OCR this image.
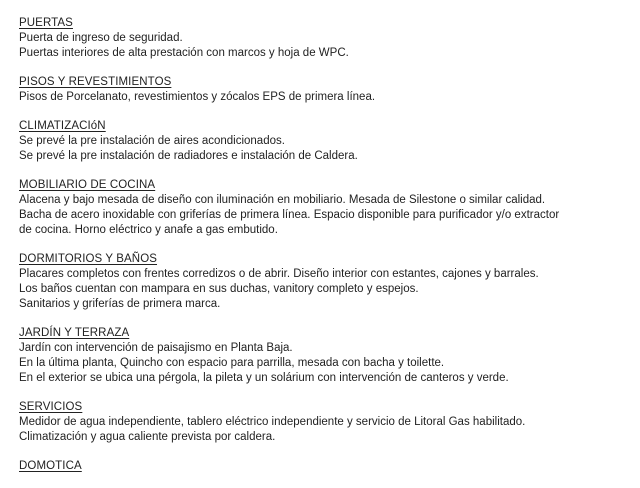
PUERTAS
Puerta de ingreso de seguridad.
Puertas interiores de alta prestación con marcos y hoja de WPC.
PISOS Y REVESTIMIENTOS
Pisos de Porcelanato, revestimientos y zócalos EPS de primera línea.
CLIMATIZACIóN
Se prevé la pre instalación de aires acondicionados.
Se prevé la pre instalación de radiadores e instalación de Caldera.
MOBILIARIO DE COCINA
Alacena y bajo mesada de diseño con iluminación en mobiliario. Mesada de Silestone o similar calidad.
Bacha de acero inoxidable con griferías de primera línea. Espacio disponible para purificador y/o extractor
de cocina. Horno eléctrico y anafe a gas embutido.
DORMITORIOS Y BAÑOS
Placares completos con frentes corredizos o de abrir. Diseño interior con estantes, cajones y barrales.
Los baños cuentan con mampara en sus duchas, vanitory completo y espejos.
Sanitarios y griferías de primera marca.
JARDÍN Y TERRAZA
Jardín con intervención de paisajismo en Planta Baja.
En la última planta, Quincho con espacio para parrilla, mesada con bacha y toilette.
En el exterior se ubica una pérgola, la pileta y un solárium con intervención de canteros y verde.
SERVICIOS
Medidor de agua independiente, tablero eléctrico independiente y servicio de Litoral Gas habilitado.
Climatización y agua caliente prevista por caldera.
DOMOTICA
